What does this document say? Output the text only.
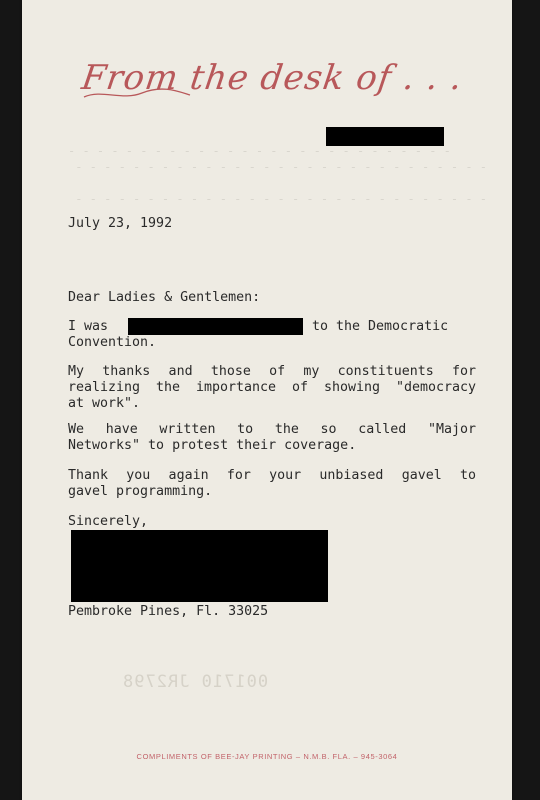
From the desk of . . .
- - - - - - - - - - - - - - - - - - - - - - - - - - -
- - - - - - - - - - - - - - - - - - - - - - - - - - - - -

- - - - - - - - - - - - - - - - - - - - - - - - - - - - -
July 23, 1992
Dear Ladies & Gentlemen:
I was	to the Democratic
Convention.
My thanks and those of my constituents for
realizing the importance of showing "democracy
at work".
We have written to the so called "Major
Networks" to protest their coverage.
Thank you again for your unbiased gavel to
gavel programming.
Sincerely,
Pembroke Pines, Fl. 33025
001710 JR2798
COMPLIMENTS OF BEE-JAY PRINTING – N.M.B. FLA. – 945-3064
